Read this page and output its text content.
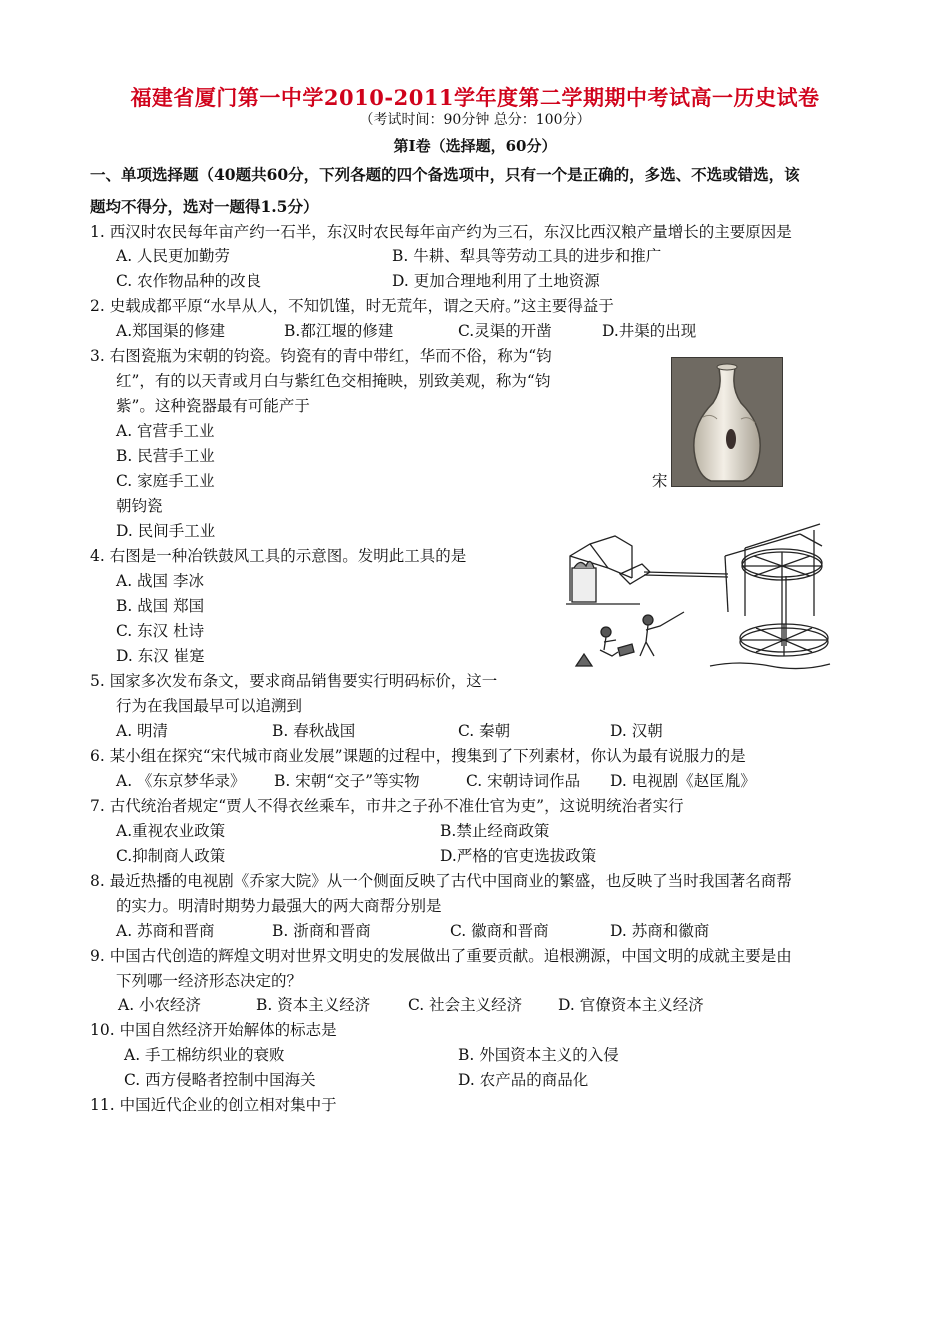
福建省厦门第一中学2010-2011学年度第二学期期中考试高一历史试卷
（考试时间：90分钟 总分：100分）
第Ⅰ卷（选择题，60分）
一、单项选择题（40题共60分，下列各题的四个备选项中，只有一个是正确的，多选、不选或错选，该
题均不得分，选对一题得1.5分）
1. 西汉时农民每年亩产约一石半，东汉时农民每年亩产约为三石，东汉比西汉粮产量增长的主要原因是
A. 人民更加勤劳	B. 牛耕、犁具等劳动工具的进步和推广
C. 农作物品种的改良	D. 更加合理地利用了土地资源
2. 史载成都平原“水旱从人，不知饥馑，时无荒年，谓之天府。”这主要得益于
A.郑国渠的修建	B.都江堰的修建	C.灵渠的开凿	D.井渠的出现
3. 右图瓷瓶为宋朝的钧瓷。钧瓷有的青中带红，华而不俗，称为“钧
红”，有的以天青或月白与紫红色交相掩映，别致美观，称为“钧
紫”。这种瓷器最有可能产于
A. 官营手工业
B. 民营手工业
C. 家庭手工业	宋
朝钧瓷
D. 民间手工业
4. 右图是一种冶铁鼓风工具的示意图。发明此工具的是
A. 战国 李冰
B. 战国 郑国
C. 东汉 杜诗
D. 东汉 崔寔
5. 国家多次发布条文，要求商品销售要实行明码标价，这一
行为在我国最早可以追溯到
A. 明清	B. 春秋战国	C. 秦朝	D. 汉朝
6. 某小组在探究“宋代城市商业发展”课题的过程中，搜集到了下列素材，你认为最有说服力的是
A. 《东京梦华录》 B. 宋朝“交子”等实物	C. 宋朝诗词作品 D. 电视剧《赵匡胤》
7. 古代统治者规定“贾人不得衣丝乘车，市井之子孙不准仕官为吏”，这说明统治者实行
A.重视农业政策	B.禁止经商政策
C.抑制商人政策	D.严格的官吏选拔政策
8. 最近热播的电视剧《乔家大院》从一个侧面反映了古代中国商业的繁盛，也反映了当时我国著名商帮
的实力。明清时期势力最强大的两大商帮分别是
A. 苏商和晋商	B. 浙商和晋商	C. 徽商和晋商	D. 苏商和徽商
9. 中国古代创造的辉煌文明对世界文明史的发展做出了重要贡献。追根溯源，中国文明的成就主要是由
下列哪一经济形态决定的？
A. 小农经济	B. 资本主义经济 C. 社会主义经济 D. 官僚资本主义经济
10. 中国自然经济开始解体的标志是
A. 手工棉纺织业的衰败	B. 外国资本主义的入侵
C. 西方侵略者控制中国海关	D. 农产品的商品化
11. 中国近代企业的创立相对集中于
